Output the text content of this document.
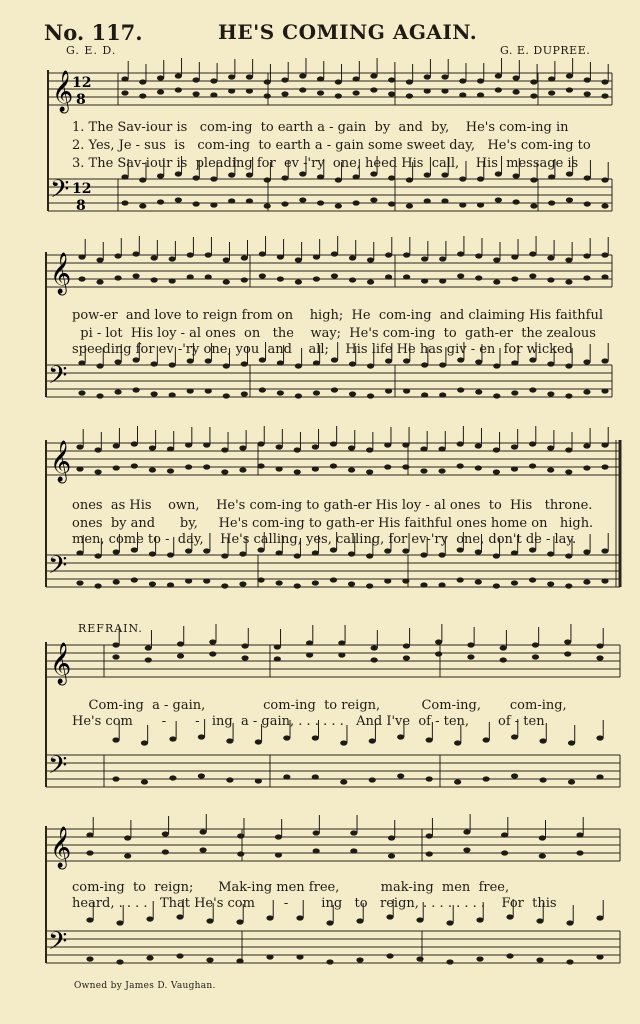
No. 117.	HE'S COMING AGAIN.
G. E. D.	G. E. DUPREE.
𝄞
12
8
1. The Sav-iour is   com-ing  to earth a - gain  by  and  by,    He's com-ing in
2. Yes, Je - sus  is   com-ing  to earth a - gain some sweet day,   He's com-ing to
3. The Sav-iour is  pleading for  ev -'ry  one, heed His  call,    His  message is
𝄢 12
8
𝄞
pow-er  and love to reign from on    high;  He  com-ing  and claiming His faithful
pi - lot  His loy - al ones  on   the    way;  He's com-ing  to  gath-er  the zealous
speeding for ev -'ry one, you  and    all;    His life He has giv - en  for wicked
𝄢
𝄞
ones  as His    own,    He's com-ing to gath-er His loy - al ones  to  His   throne.
ones  by and      by,     He's com-ing to gath-er His faithful ones home on   high.
men, come to -  day,    He's calling, yes, calling, for ev-'ry  one, don't de - lay.
𝄢
REFRAIN.
𝄞
Com-ing  a - gain,              com-ing  to reign,          Com-ing,       com-ing,
He's com       -       -   ing  a - gain, . . . . . .   And I've  of - ten,       of - ten
𝄢
𝄞
com-ing  to  reign;      Mak-ing men free,          mak-ing  men  free,
heard, . . . .   That He's com       -        ing   to   reign, . . . . . . . .    For  this
𝄢
Owned by James D. Vaughan.
